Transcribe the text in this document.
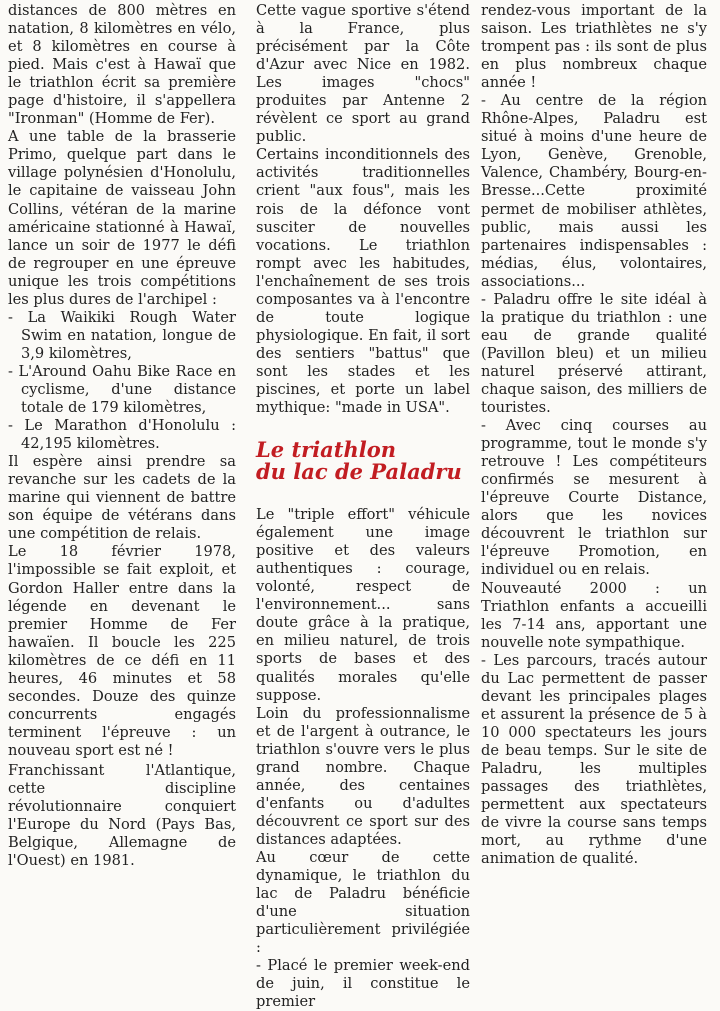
distances de 800 mètres en natation, 8 kilomètres en vélo, et 8 kilomètres en course à pied. Mais c'est à Hawaï que le triathlon écrit sa première page d'histoire, il s'appellera "Ironman" (Homme de Fer).

A une table de la brasserie Primo, quelque part dans le village polynésien d'Honolulu, le capitaine de vaisseau John Collins, vétéran de la marine américaine stationné à Hawaï, lance un soir de 1977 le défi de regrouper en une épreuve unique les trois compétitions les plus dures de l'archipel :

- La Waikiki Rough Water Swim en natation, longue de 3,9 kilomètres,

- L'Around Oahu Bike Race en cyclisme, d'une distance totale de 179 kilomètres,

- Le Marathon d'Honolulu : 42,195 kilomètres.

Il espère ainsi prendre sa revanche sur les cadets de la marine qui viennent de battre son équipe de vétérans dans une compétition de relais.

Le 18 février 1978, l'impossible se fait exploit, et Gordon Haller entre dans la légende en devenant le premier Homme de Fer hawaïen. Il boucle les 225 kilomètres de ce défi en 11 heures, 46 minutes et 58 secondes. Douze des quinze concurrents engagés terminent l'épreuve : un nouveau sport est né !

Franchissant l'Atlantique, cette discipline révolutionnaire conquiert l'Europe du Nord (Pays Bas, Belgique, Allemagne de l'Ouest) en 1981.

Cette vague sportive s'étend à la France, plus précisément par la Côte d'Azur avec Nice en 1982. Les images "chocs" produites par Antenne 2 révèlent ce sport au grand public.

Certains inconditionnels des activités traditionnelles crient "aux fous", mais les rois de la défonce vont susciter de nouvelles vocations. Le triathlon rompt avec les habitudes, l'enchaînement de ses trois composantes va à l'encontre de toute logique physiologique. En fait, il sort des sentiers "battus" que sont les stades et les piscines, et porte un label mythique: "made in USA".

Le triathlon
du lac de Paladru

Le "triple effort" véhicule également une image positive et des valeurs authentiques : courage, volonté, respect de l'environnement... sans doute grâce à la pratique, en milieu naturel, de trois sports de bases et des qualités morales qu'elle suppose.

Loin du professionnalisme et de l'argent à outrance, le triathlon s'ouvre vers le plus grand nombre. Chaque année, des centaines d'enfants ou d'adultes découvrent ce sport sur des distances adaptées.

Au cœur de cette dynamique, le triathlon du lac de Paladru bénéficie d'une situation particulièrement privilégiée :

- Placé le premier week-end de juin, il constitue le premier

rendez-vous important de la saison. Les triathlètes ne s'y trompent pas : ils sont de plus en plus nombreux chaque année !

- Au centre de la région Rhône-Alpes, Paladru est situé à moins d'une heure de Lyon, Genève, Grenoble, Valence, Chambéry, Bourg-en-Bresse...Cette proximité permet de mobiliser athlètes, public, mais aussi les partenaires indispensables : médias, élus, volontaires, associations...

- Paladru offre le site idéal à la pratique du triathlon : une eau de grande qualité (Pavillon bleu) et un milieu naturel préservé attirant, chaque saison, des milliers de touristes.

- Avec cinq courses au programme, tout le monde s'y retrouve ! Les compétiteurs confirmés se mesurent à l'épreuve Courte Distance, alors que les novices découvrent le triathlon sur l'épreuve Promotion, en individuel ou en relais.

Nouveauté 2000 : un Triathlon enfants a accueilli les 7-14 ans, apportant une nouvelle note sympathique.

- Les parcours, tracés autour du Lac permettent de passer devant les principales plages et assurent la présence de 5 à 10 000 spectateurs les jours de beau temps. Sur le site de Paladru, les multiples passages des triathlètes, permettent aux spectateurs de vivre la course sans temps mort, au rythme d'une animation de qualité.
